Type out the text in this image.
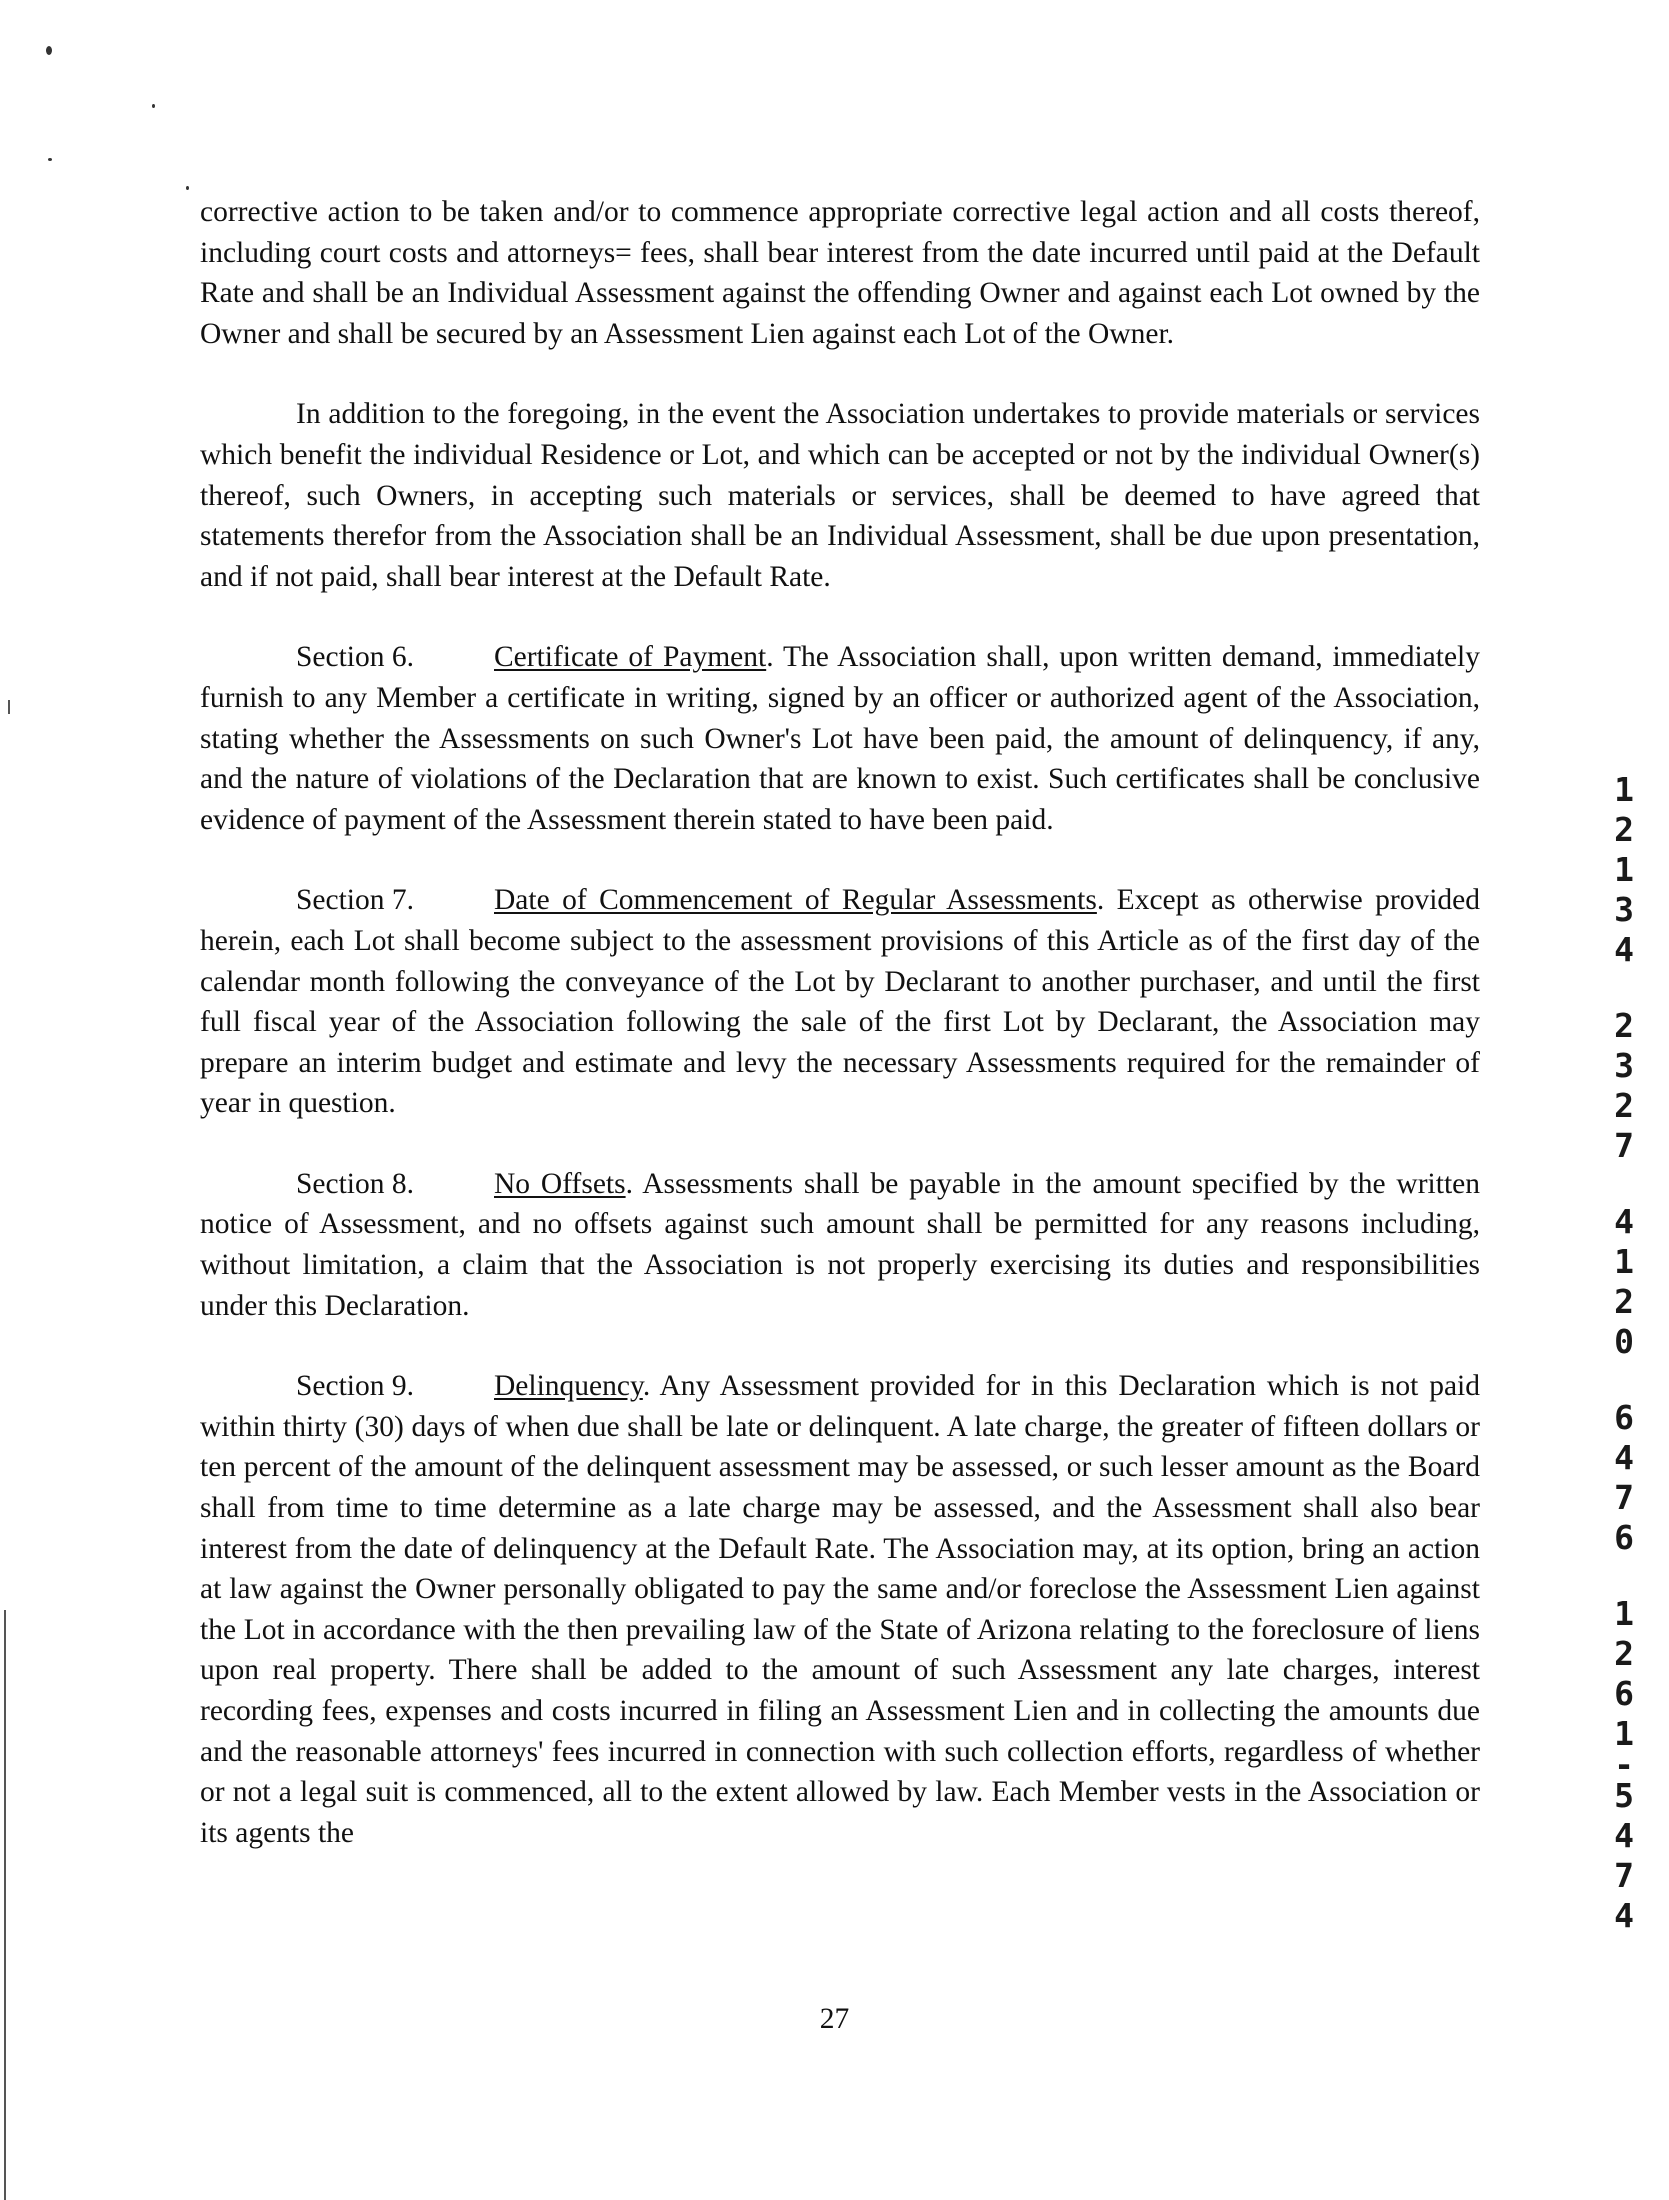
corrective action to be taken and/or to commence appropriate corrective legal action and all costs thereof, including court costs and attorneys= fees, shall bear interest from the date incurred until paid at the Default Rate and shall be an Individual Assessment against the offending Owner and against each Lot owned by the Owner and shall be secured by an Assessment Lien against each Lot of the Owner.

In addition to the foregoing, in the event the Association undertakes to provide materials or services which benefit the individual Residence or Lot, and which can be accepted or not by the individual Owner(s) thereof, such Owners, in accepting such materials or services, shall be deemed to have agreed that statements therefor from the Association shall be an Individual Assessment, shall be due upon presentation, and if not paid, shall bear interest at the Default Rate.

Section 6.	Certificate of Payment. The Association shall, upon written demand, immediately furnish to any Member a certificate in writing, signed by an officer or authorized agent of the Association, stating whether the Assessments on such Owner's Lot have been paid, the amount of delinquency, if any, and the nature of violations of the Declaration that are known to exist. Such certificates shall be conclusive evidence of payment of the Assessment therein stated to have been paid.

Section 7.	Date of Commencement of Regular Assessments. Except as otherwise provided herein, each Lot shall become subject to the assessment provisions of this Article as of the first day of the calendar month following the conveyance of the Lot by Declarant to another purchaser, and until the first full fiscal year of the Association following the sale of the first Lot by Declarant, the Association may prepare an interim budget and estimate and levy the necessary Assessments required for the remainder of year in question.

Section 8.	No Offsets. Assessments shall be payable in the amount specified by the written notice of Assessment, and no offsets against such amount shall be permitted for any reasons including, without limitation, a claim that the Association is not properly exercising its duties and responsibilities under this Declaration.

Section 9.	Delinquency. Any Assessment provided for in this Declaration which is not paid within thirty (30) days of when due shall be late or delinquent. A late charge, the greater of fifteen dollars or ten percent of the amount of the delinquent assessment may be assessed, or such lesser amount as the Board shall from time to time determine as a late charge may be assessed, and the Assessment shall also bear interest from the date of delinquency at the Default Rate. The Association may, at its option, bring an action at law against the Owner personally obligated to pay the same and/or foreclose the Assessment Lien against the Lot in accordance with the then prevailing law of the State of Arizona relating to the foreclosure of liens upon real property. There shall be added to the amount of such Assessment any late charges, interest recording fees, expenses and costs incurred in filing an Assessment Lien and in collecting the amounts due and the reasonable attorneys' fees incurred in connection with such collection efforts, regardless of whether or not a legal suit is commenced, all to the extent allowed by law. Each Member vests in the Association or its agents the

27
1
2
1
3
4
2
3
2
7
4
1
2
0
6
4
7
6
1
2
6
1
-
5
4
7
4
